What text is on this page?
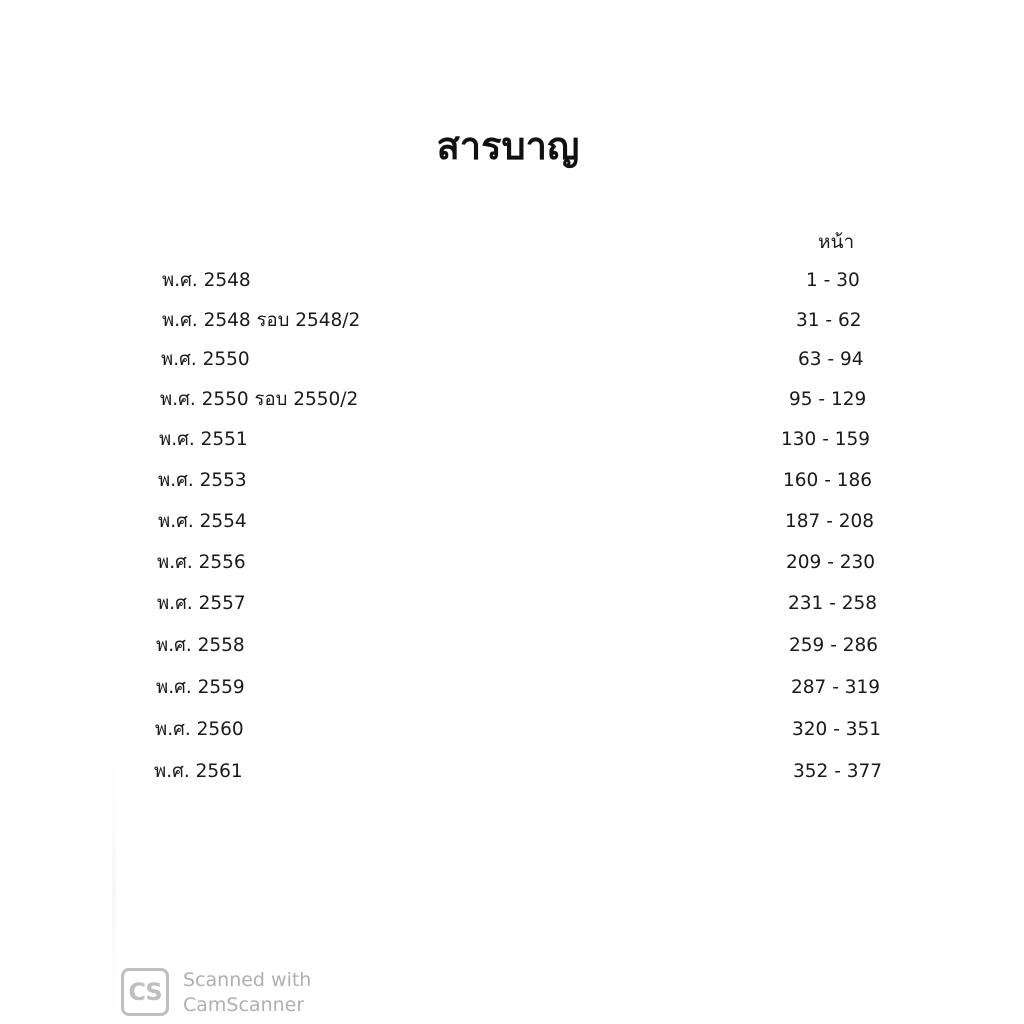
สารบาญ
หน้า
พ.ศ. 2548	1 - 30
พ.ศ. 2548 รอบ 2548/2	31 - 62
พ.ศ. 2550	63 - 94
พ.ศ. 2550 รอบ 2550/2	95 - 129
พ.ศ. 2551	130 - 159
พ.ศ. 2553	160 - 186
พ.ศ. 2554	187 - 208
พ.ศ. 2556	209 - 230
พ.ศ. 2557	231 - 258
พ.ศ. 2558	259 - 286
พ.ศ. 2559	287 - 319
พ.ศ. 2560	320 - 351
พ.ศ. 2561	352 - 377
CS	Scanned with
CamScanner
